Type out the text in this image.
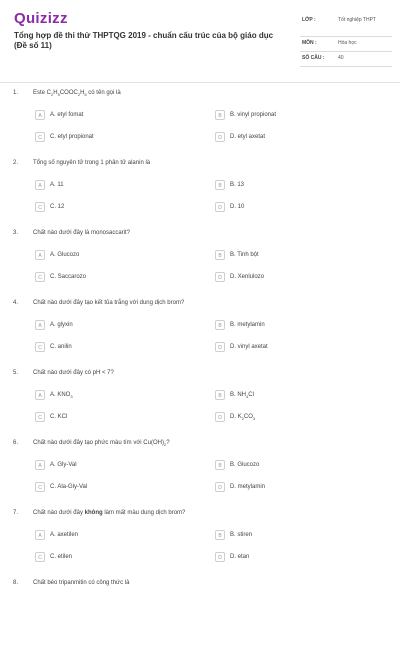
Quizizz
Tổng hợp đề thi thử THPTQG 2019 - chuẩn cấu trúc của bộ giáo dục (Đề số 11)
LỚP :	Tốt nghiệp THPT
MÔN :	Hóa học
SỐ CÂU :	40
1. Este $C_2H_5COOC_2H_5$ có tên gọi là
A	A. etyl fomat	B	B. vinyl propionat
C	C. etyl propionat	D	D. etyl axetat
2. Tổng số nguyên tử trong 1 phân tử alanin là
A	A. 11	B	B. 13
C	C. 12	D	D. 10
3. Chất nào dưới đây là monosaccarit?
A	A. Glucozo	B	B. Tinh bột
C	C. Saccarozo	D	D. Xenlulozo
4. Chất nào dưới đây tạo kết tủa trắng với dung dịch brom?
A	A. glyxin	B	B. metylamin
C	C. anilin	D	D. vinyl axetat
5. Chất nào dưới đây có pH < 7?
A	A. $KNO_3$	B	B. $NH_4Cl$
C	C. KCl	D	D. $K_2CO_3$
6. Chất nào dưới đây tạo phức màu tím với $Cu(OH)_2$?
A	A. Gly-Val	B	B. Glucozo
C	C. Ala-Gly-Val	D	D. metylamin
7. Chất nào dưới đây không làm mất màu dung dịch brom?
A	A. axetilen	B	B. stiren
C	C. etilen	D	D. etan
8. Chất béo tripanmitin có công thức là
